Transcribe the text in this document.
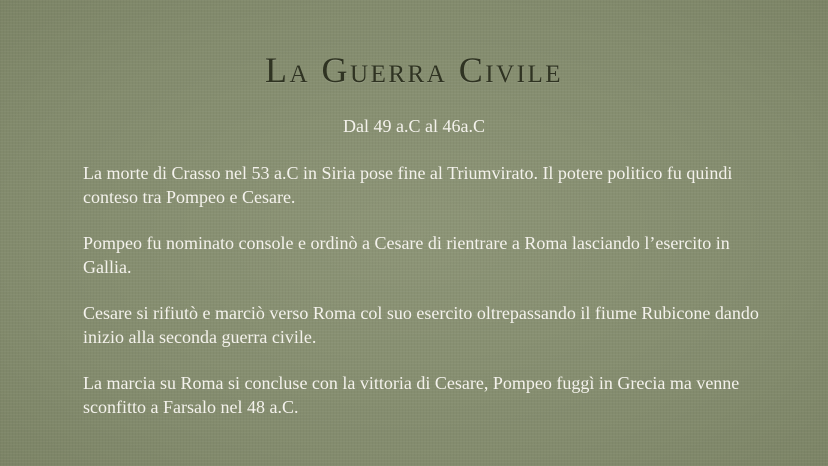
La Guerra Civile
Dal 49 a.C al 46a.C

La morte di Crasso nel 53 a.C in Siria pose fine al Triumvirato. Il potere politico fu quindi conteso tra Pompeo e Cesare.

Pompeo fu nominato console e ordinò a Cesare di rientrare a Roma lasciando l’esercito in Gallia.

Cesare si rifiutò e marciò verso Roma col suo esercito oltrepassando il fiume Rubicone dando inizio alla seconda guerra civile.

La marcia su Roma si concluse con la vittoria di Cesare, Pompeo fuggì in Grecia ma venne sconfitto a Farsalo nel 48 a.C.
